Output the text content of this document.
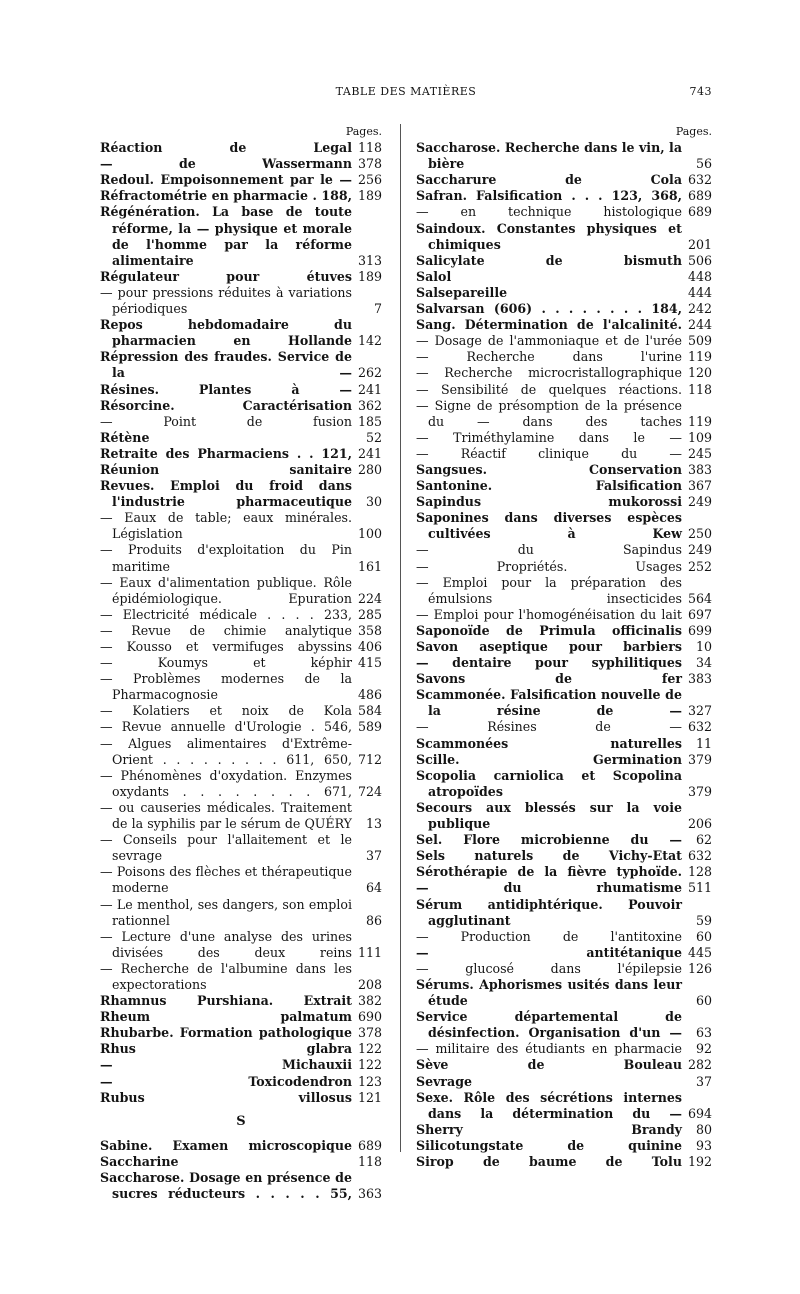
TABLE DES MATIÈRES	743
Pages.
Réaction de Legal 118
— de Wassermann 378
Redoul. Empoisonnement par le — 256
Réfractométrie en pharmacie . 188, 189
Régénération. La base de toute réforme, la — physique et morale de l'homme par la réforme alimentaire	313
Régulateur pour étuves 189
— pour pressions réduites à variations périodiques	7
Repos hebdomadaire du pharmacien en Hollande 142
Répression des fraudes. Service de la — 262
Résines. Plantes à — 241
Résorcine. Caractérisation 362
— Point de fusion 185
Rétène	52
Retraite des Pharmaciens . . 121, 241
Réunion sanitaire 280
Revues. Emploi du froid dans l'industrie pharmaceutique	30
— Eaux de table; eaux minérales. Législation	100
— Produits d'exploitation du Pin maritime	161
— Eaux d'alimentation publique. Rôle épidémiologique. Epuration 224
— Electricité médicale . . . . 233, 285
— Revue de chimie analytique 358
— Kousso et vermifuges abyssins 406
— Koumys et képhir 415
— Problèmes modernes de la Pharmacognosie	486
— Kolatiers et noix de Kola 584
— Revue annuelle d'Urologie . 546, 589
— Algues alimentaires d'Extrême-Orient . . . . . . . . . 611, 650, 712
— Phénomènes d'oxydation. Enzymes oxydants . . . . . . . . 671, 724
— ou causeries médicales. Traitement de la syphilis par le sérum de QUÉRY	13
— Conseils pour l'allaitement et le sevrage	37
— Poisons des flèches et thérapeutique moderne	64
— Le menthol, ses dangers, son emploi rationnel	86
— Lecture d'une analyse des urines divisées des deux reins 111
— Recherche de l'albumine dans les expectorations	208
Rhamnus Purshiana. Extrait 382
Rheum palmatum 690
Rhubarbe. Formation pathologique 378
Rhus glabra 122
— Michauxii 122
— Toxicodendron 123
Rubus villosus 121
S
Sabine. Examen microscopique 689
Saccharine	118
Saccharose. Dosage en présence de sucres réducteurs . . . . . 55, 363
Pages.
Saccharose. Recherche dans le vin, la bière	56
Saccharure de Cola 632
Safran. Falsification . . . 123, 368, 689
— en technique histologique 689
Saindoux. Constantes physiques et chimiques	201
Salicylate de bismuth 506
Salol	448
Salsepareille	444
Salvarsan (606) . . . . . . . . 184, 242
Sang. Détermination de l'alcalinité. 244
— Dosage de l'ammoniaque et de l'urée 509
— Recherche dans l'urine 119
— Recherche microcristallographique 120
— Sensibilité de quelques réactions. 118
— Signe de présomption de la présence du — dans des taches 119
— Triméthylamine dans le — 109
— Réactif clinique du — 245
Sangsues. Conservation 383
Santonine. Falsification 367
Sapindus mukorossi 249
Saponines dans diverses espèces cultivées à Kew 250
— du Sapindus 249
— Propriétés. Usages 252
— Emploi pour la préparation des émulsions insecticides 564
— Emploi pour l'homogénéisation du lait 697
Saponoïde de Primula officinalis 699
Savon aseptique pour barbiers	10
— dentaire pour syphilitiques	34
Savons de fer 383
Scammonée. Falsification nouvelle de la résine de — 327
— Résines de — 632
Scammonées naturelles	11
Scille. Germination 379
Scopolia carniolica et Scopolina atropoïdes	379
Secours aux blessés sur la voie publique	206
Sel. Flore microbienne du —	62
Sels naturels de Vichy-Etat 632
Sérothérapie de la fièvre typhoïde. 128
— du rhumatisme 511
Sérum antidiphtérique. Pouvoir agglutinant	59
— Production de l'antitoxine	60
— antitétanique 445
— glucosé dans l'épilepsie 126
Sérums. Aphorismes usités dans leur étude	60
Service départemental de désinfection. Organisation d'un —	63
— militaire des étudiants en pharmacie	92
Sève de Bouleau 282
Sevrage	37
Sexe. Rôle des sécrétions internes dans la détermination du — 694
Sherry Brandy	80
Silicotungstate de quinine	93
Sirop de baume de Tolu 192
